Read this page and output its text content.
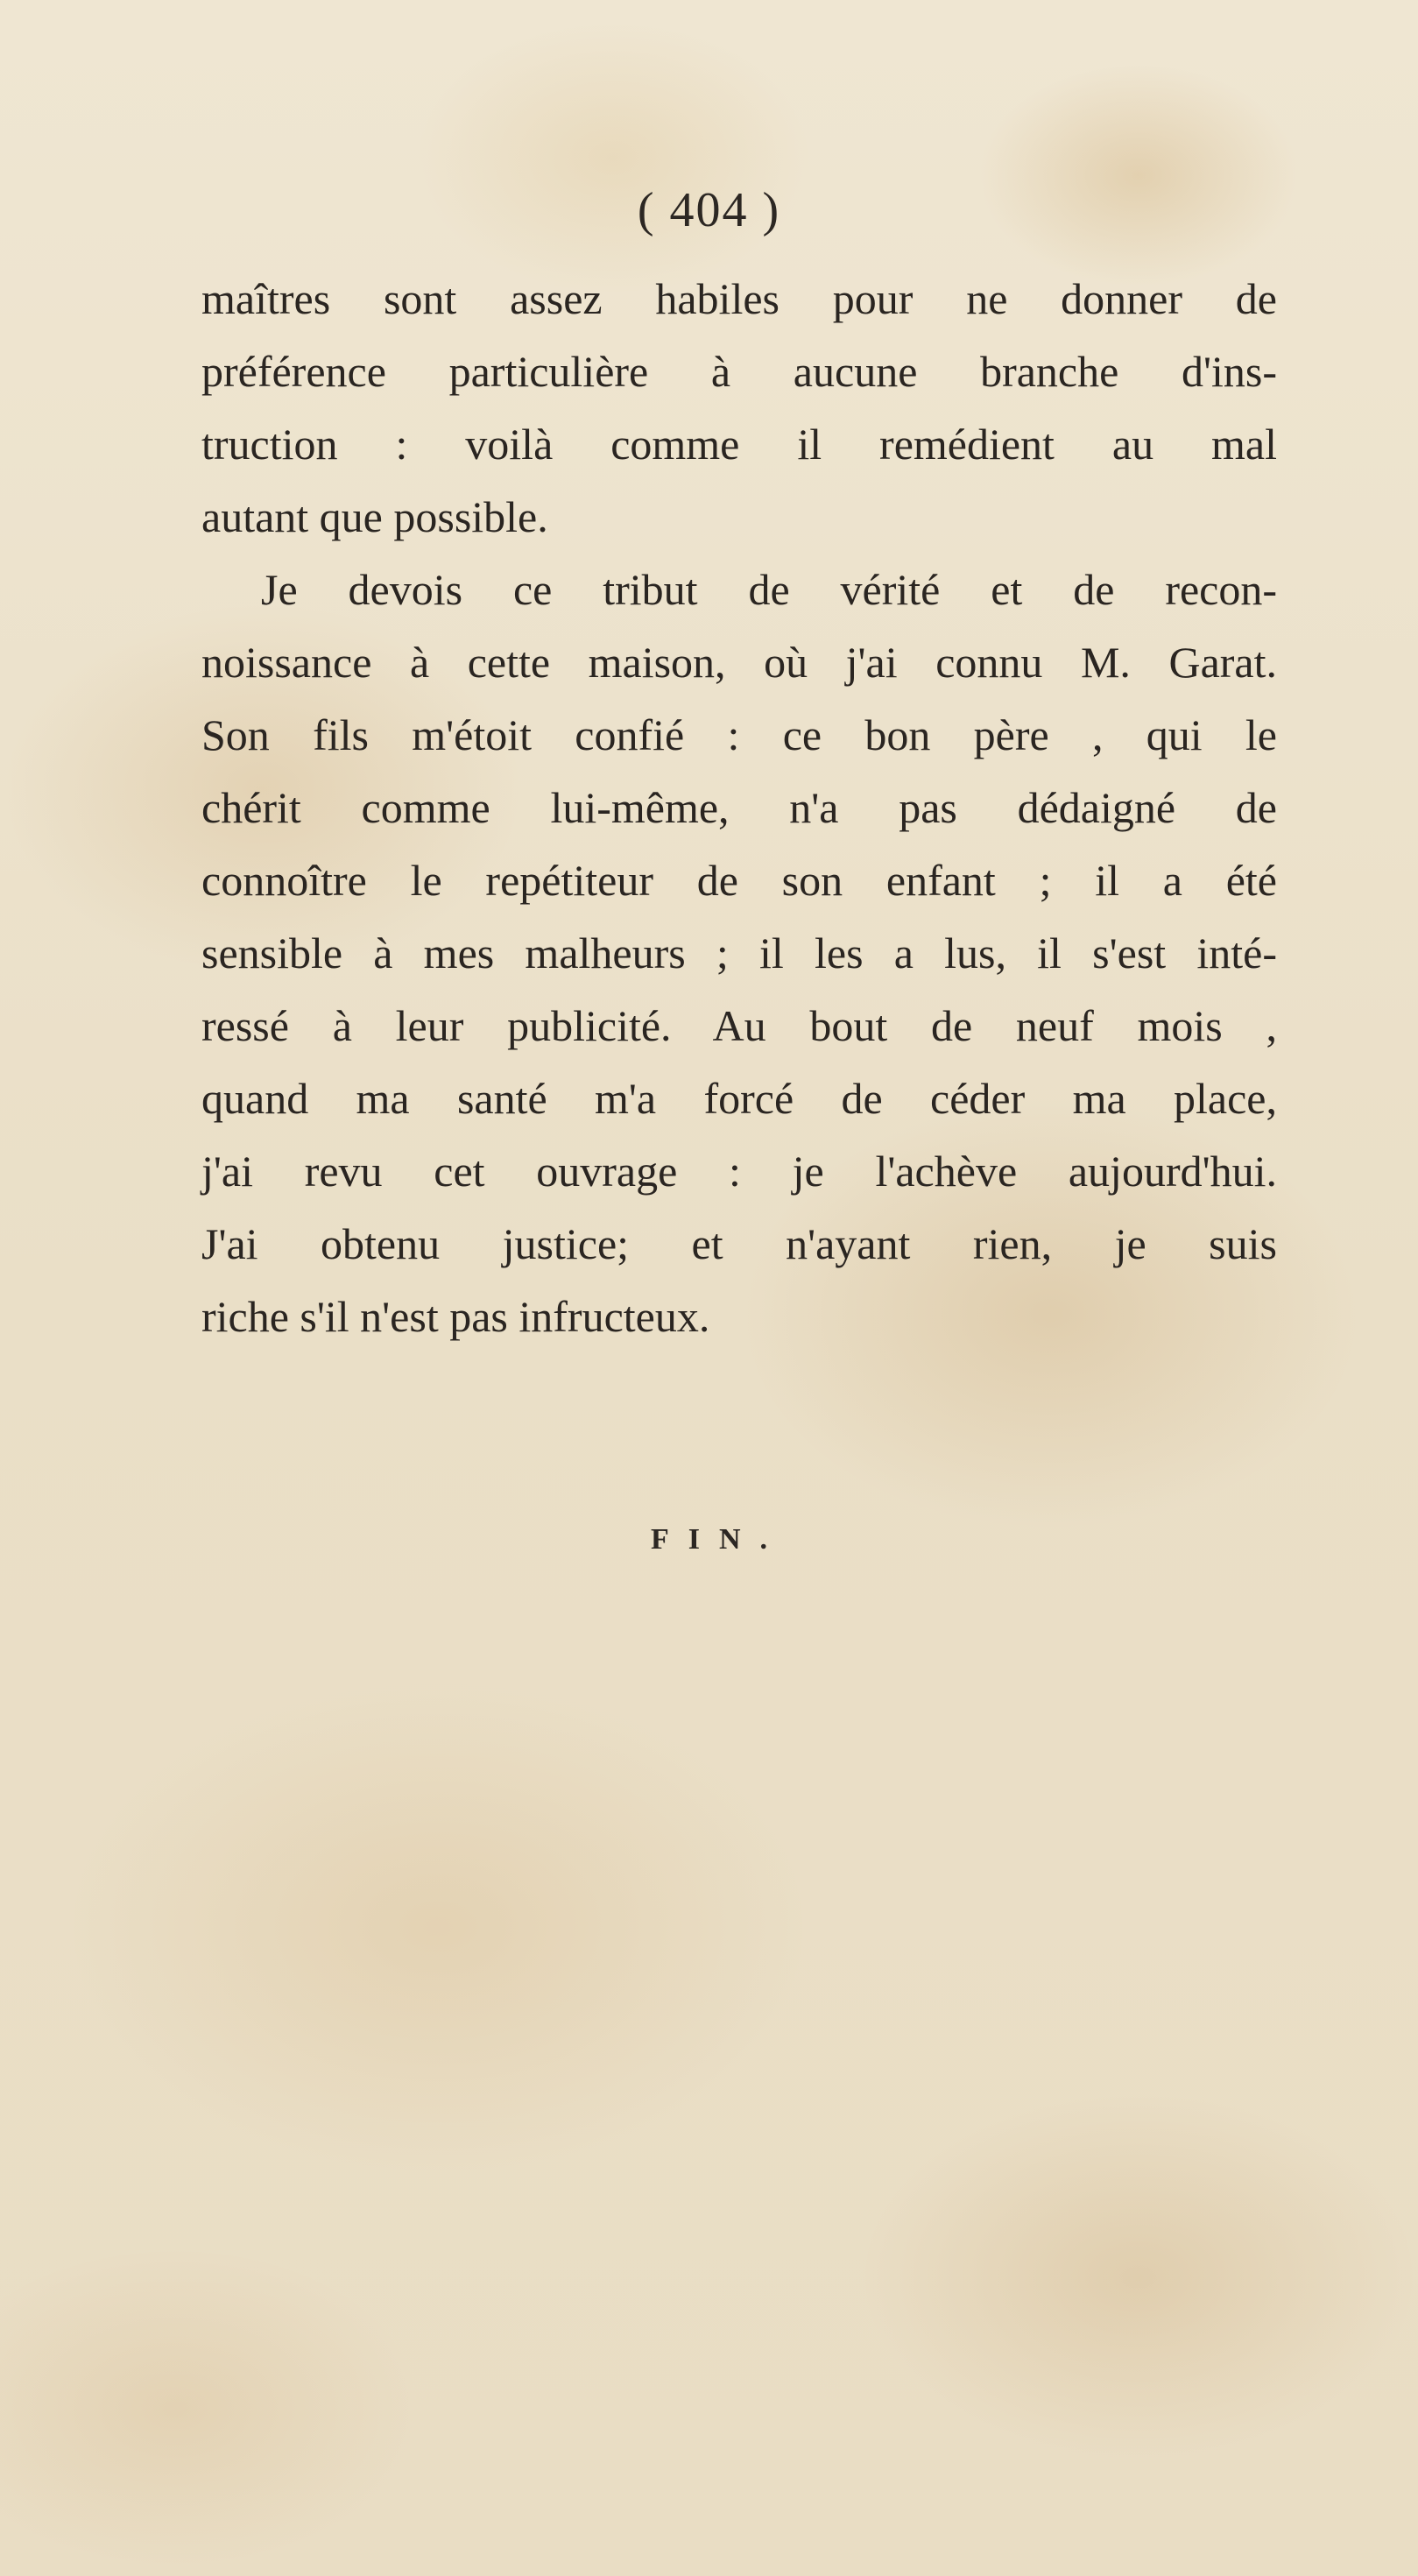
( 404 )
maîtres sont assez habiles pour ne donner de
préférence particulière à aucune branche d'ins-
truction : voilà comme il remédient au mal
autant que possible.
Je devois ce tribut de vérité et de recon-
noissance à cette maison, où j'ai connu M. Garat.
Son fils m'étoit confié : ce bon père , qui le
chérit comme lui-même, n'a pas dédaigné de
connoître le repétiteur de son enfant ; il a été
sensible à mes malheurs ; il les a lus, il s'est inté-
ressé à leur publicité. Au bout de neuf mois ,
quand ma santé m'a forcé de céder ma place,
j'ai revu cet ouvrage : je l'achève aujourd'hui.
J'ai obtenu justice; et n'ayant rien, je suis
riche s'il n'est pas infructeux.
FIN.
